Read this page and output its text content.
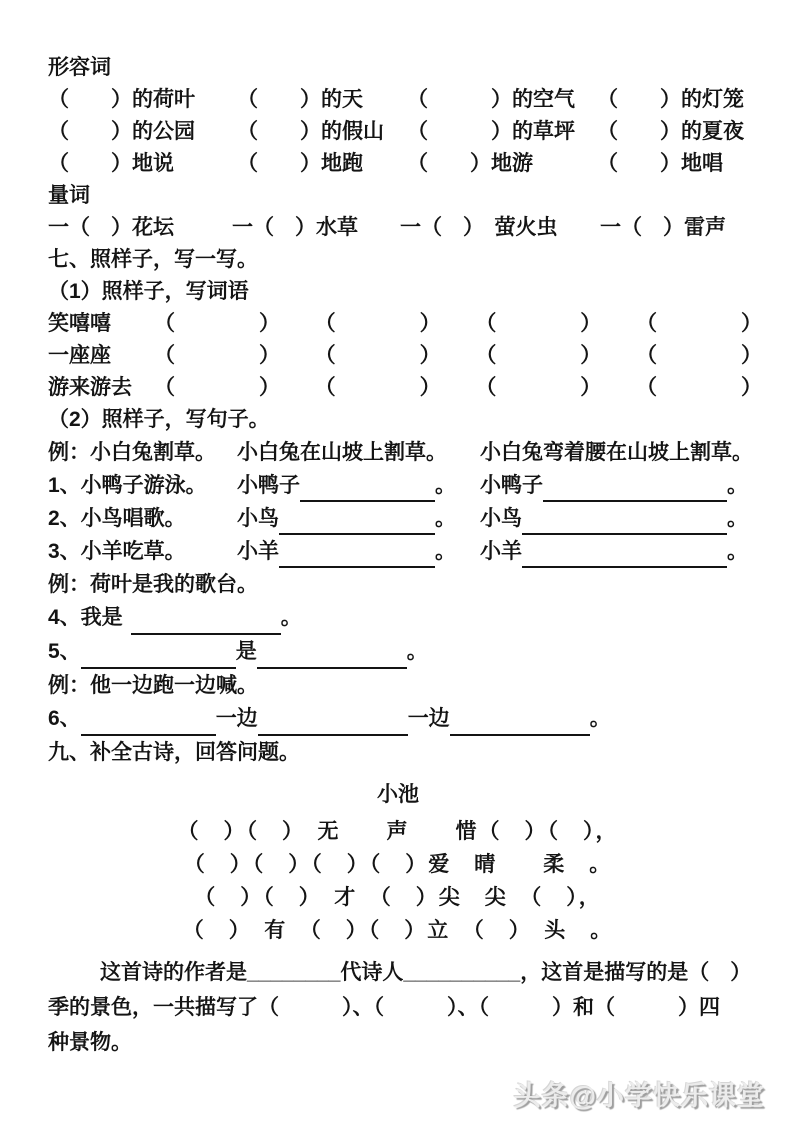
形容词
（　　）的荷叶	（　　）的天	（　　　）的空气	（　　）的灯笼
（　　）的公园	（　　）的假山	（　　　）的草坪	（　　）的夏夜
（　　）地说	（　　）地跑	（　　）地游	（　　）地唱
量词
一（　）花坛	一（　）水草	一（　）　萤火虫	一（　）雷声
七、照样子，写一写。
（1）照样子，写词语
笑嘻嘻	（　　　　） （　　　　） （　　　　） （　　　　）
一座座	（　　　　） （　　　　） （　　　　） （　　　　）
游来游去	（　　　　） （　　　　） （　　　　） （　　　　）
（2）照样子，写句子。
例：小白兔割草。	小白兔在山坡上割草。	小白兔弯着腰在山坡上割草。
1、小鸭子游泳。	小鸭子	。 小鸭子	。
2、小鸟唱歌。	小鸟	。 小鸟	。
3、小羊吃草。	小羊	。 小羊	。
例：荷叶是我的歌台。
4、我是	。
5、	是	。
例：他一边跑一边喊。
6、	一边	一边	。
九、补全古诗，回答问题。
小池
（　）（　）　无　　声　　惜（　）（　），
（　）（　）（　）（　）爱　晴　　柔　。
（　）（　）　才　（　）尖　尖　（　），
（　）　有　（　）（　）立　（　）　头　。
这首诗的作者是________代诗人__________，这首是描写的是（　）
季的景色，一共描写了（　　　）、（　　　）、（　　　）和（　　　）四
种景物。
头条@小学快乐课堂
